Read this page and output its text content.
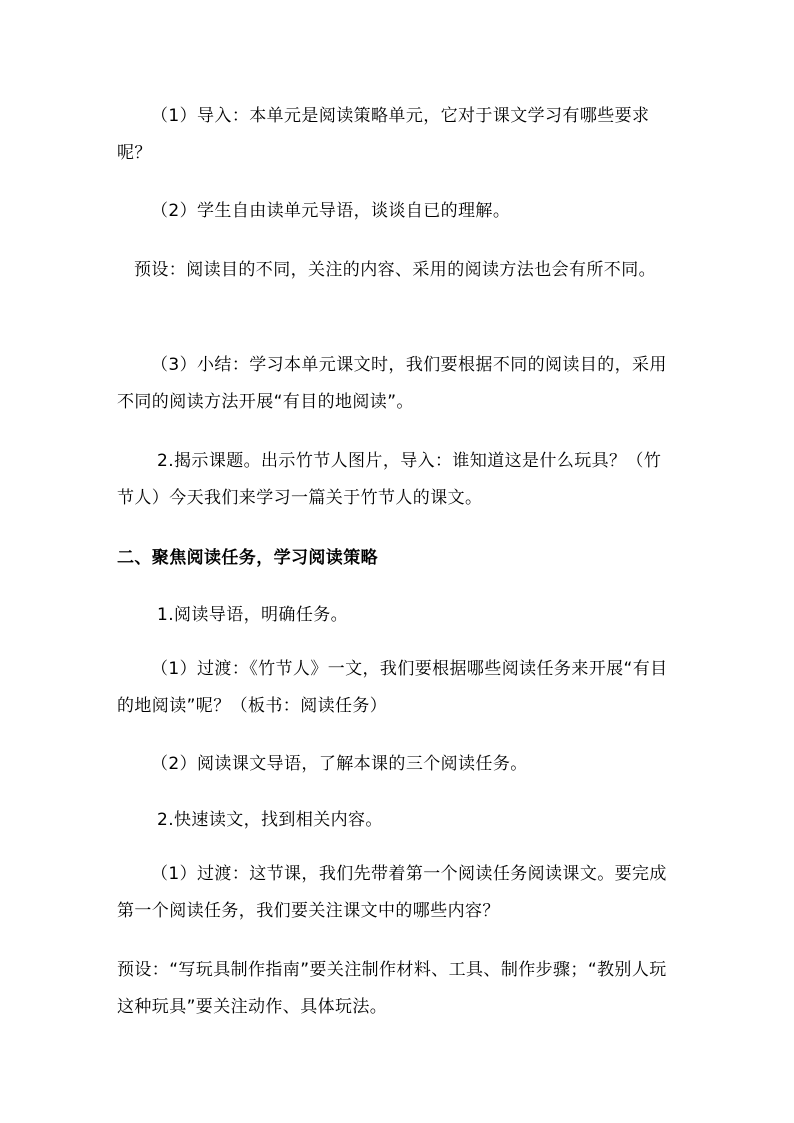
（1）导入：本单元是阅读策略单元，它对于课文学习有哪些要求呢？

（2）学生自由读单元导语，谈谈自已的理解。

预设：阅读目的不同，关注的内容、采用的阅读方法也会有所不同。

（3）小结：学习本单元课文时，我们要根据不同的阅读目的，采用不同的阅读方法开展“有目的地阅读”。

2.揭示课题。出示竹节人图片，导入：谁知道这是什么玩具？（竹节人）今天我们来学习一篇关于竹节人的课文。

二、聚焦阅读任务，学习阅读策略

1.阅读导语，明确任务。

（1）过渡：《竹节人》一文，我们要根据哪些阅读任务来开展“有目的地阅读”呢？（板书：阅读任务）

（2）阅读课文导语，了解本课的三个阅读任务。

2.快速读文，找到相关内容。

（1）过渡：这节课，我们先带着第一个阅读任务阅读课文。要完成第一个阅读任务，我们要关注课文中的哪些内容？

预设：“写玩具制作指南”要关注制作材料、工具、制作步骤；“教别人玩这种玩具”要关注动作、具体玩法。
